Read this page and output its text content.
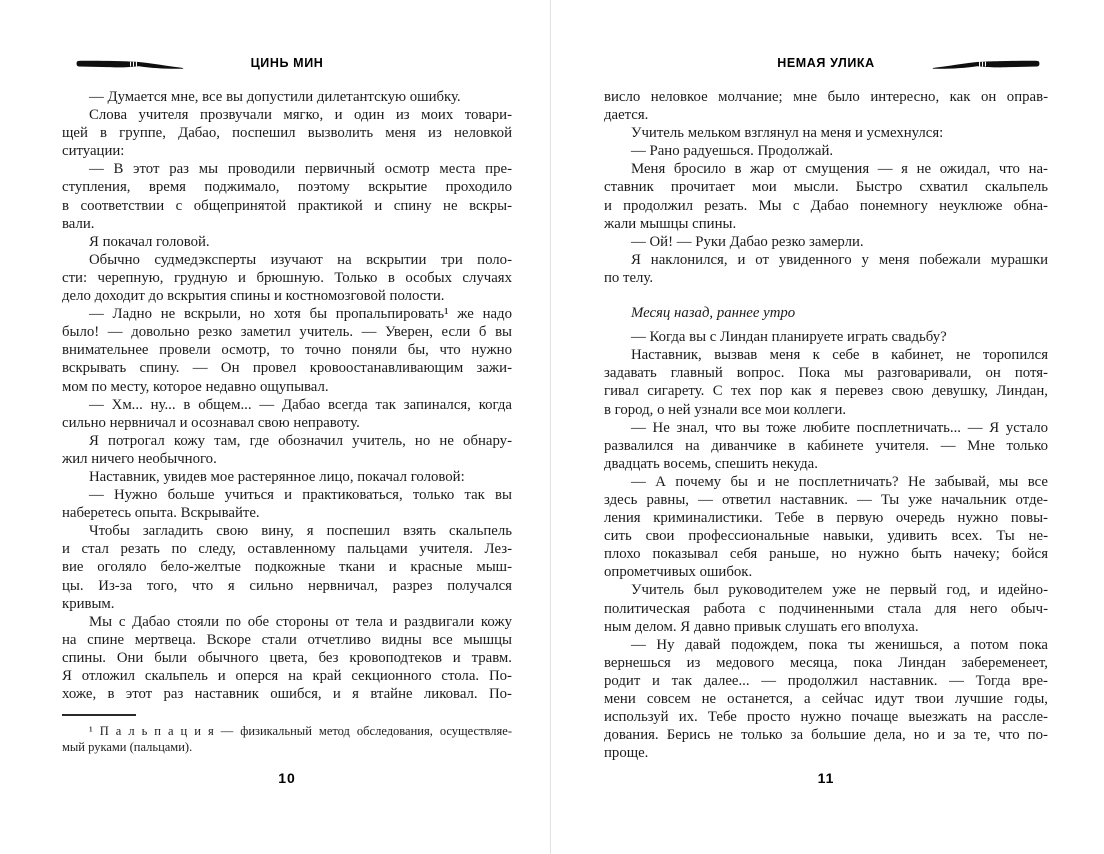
ЦИНЬ МИН
— Думается мне, все вы допустили дилетантскую ошибку.
Слова учителя прозвучали мягко, и один из моих товари-
щей в группе, Дабао, поспешил вызволить меня из неловкой
ситуации:
— В этот раз мы проводили первичный осмотр места пре-
ступления, время поджимало, поэтому вскрытие проходило
в соответствии с общепринятой практикой и спину не вскры-
вали.
Я покачал головой.
Обычно судмедэксперты изучают на вскрытии три поло-
сти: черепную, грудную и брюшную. Только в особых случаях
дело доходит до вскрытия спины и костномозговой полости.
— Ладно не вскрыли, но хотя бы пропальпировать¹ же надо
было! — довольно резко заметил учитель. — Уверен, если б вы
внимательнее провели осмотр, то точно поняли бы, что нужно
вскрывать спину. — Он провел кровоостанавливающим зажи-
мом по месту, которое недавно ощупывал.
— Хм... ну... в общем... — Дабао всегда так запинался, когда
сильно нервничал и осознавал свою неправоту.
Я потрогал кожу там, где обозначил учитель, но не обнару-
жил ничего необычного.
Наставник, увидев мое растерянное лицо, покачал головой:
— Нужно больше учиться и практиковаться, только так вы
наберетесь опыта. Вскрывайте.
Чтобы загладить свою вину, я поспешил взять скальпель
и стал резать по следу, оставленному пальцами учителя. Лез-
вие оголяло бело-желтые подкожные ткани и красные мыш-
цы. Из-за того, что я сильно нервничал, разрез получался
кривым.
Мы с Дабао стояли по обе стороны от тела и раздвигали кожу
на спине мертвеца. Вскоре стали отчетливо видны все мышцы
спины. Они были обычного цвета, без кровоподтеков и травм.
Я отложил скальпель и оперся на край секционного стола. По-
хоже, в этот раз наставник ошибся, и я втайне ликовал. По-
¹ П а л ь п а ц и я — физикальный метод обследования, осуществляе-
мый руками (пальцами).
10
НЕМАЯ УЛИКА
висло неловкое молчание; мне было интересно, как он оправ-
дается.
Учитель мельком взглянул на меня и усмехнулся:
— Рано радуешься. Продолжай.
Меня бросило в жар от смущения — я не ожидал, что на-
ставник прочитает мои мысли. Быстро схватил скальпель
и продолжил резать. Мы с Дабао понемногу неуклюже обна-
жали мышцы спины.
— Ой! — Руки Дабао резко замерли.
Я наклонился, и от увиденного у меня побежали мурашки
по телу.
Месяц назад, раннее утро
— Когда вы с Линдан планируете играть свадьбу?
Наставник, вызвав меня к себе в кабинет, не торопился
задавать главный вопрос. Пока мы разговаривали, он потя-
гивал сигарету. С тех пор как я перевез свою девушку, Линдан,
в город, о ней узнали все мои коллеги.
— Не знал, что вы тоже любите посплетничать... — Я устало
развалился на диванчике в кабинете учителя. — Мне только
двадцать восемь, спешить некуда.
— А почему бы и не посплетничать? Не забывай, мы все
здесь равны, — ответил наставник. — Ты уже начальник отде-
ления криминалистики. Тебе в первую очередь нужно повы-
сить свои профессиональные навыки, удивить всех. Ты не-
плохо показывал себя раньше, но нужно быть начеку; бойся
опрометчивых ошибок.
Учитель был руководителем уже не первый год, и идейно-
политическая работа с подчиненными стала для него обыч-
ным делом. Я давно привык слушать его вполуха.
— Ну давай подождем, пока ты женишься, а потом пока
вернешься из медового месяца, пока Линдан забеременеет,
родит и так далее... — продолжил наставник. — Тогда вре-
мени совсем не останется, а сейчас идут твои лучшие годы,
используй их. Тебе просто нужно почаще выезжать на рассле-
дования. Берись не только за большие дела, но и за те, что по-
проще.
11
